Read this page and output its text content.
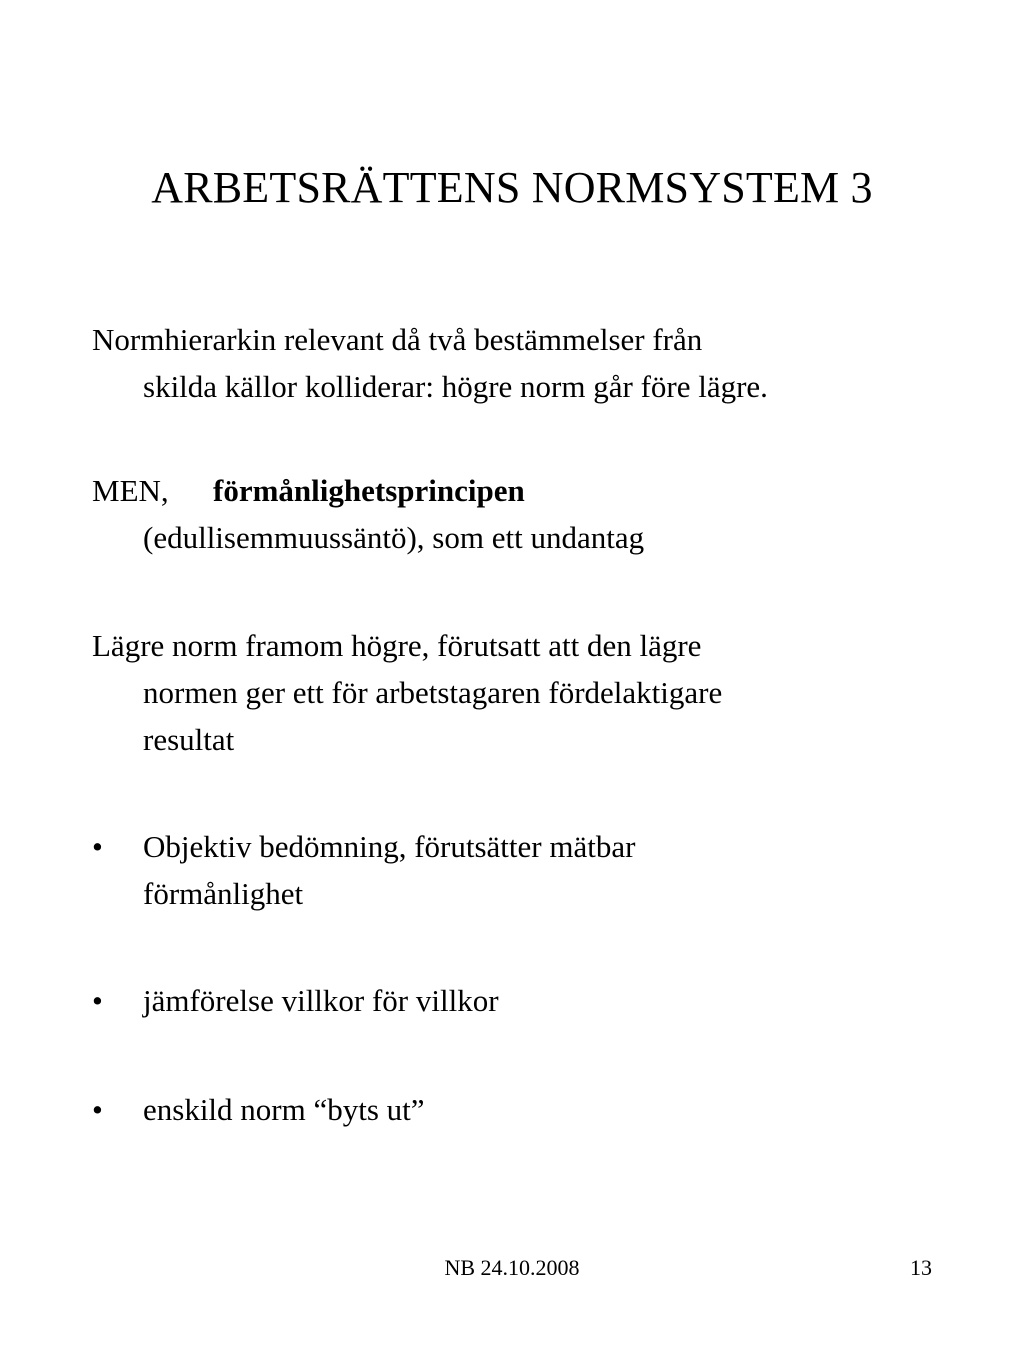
ARBETSRÄTTENS NORMSYSTEM 3

Normhierarkin relevant då två bestämmelser från
skilda källor kolliderar: högre norm går före lägre.

MEN, förmånlighetsprincipen
(edullisemmuussäntö), som ett undantag

Lägre norm framom högre, förutsatt att den lägre
normen ger ett för arbetstagaren fördelaktigare
resultat

• Objektiv bedömning, förutsätter mätbar
förmånlighet
• jämförelse villkor för villkor
• enskild norm “byts ut”
NB 24.10.2008	13
